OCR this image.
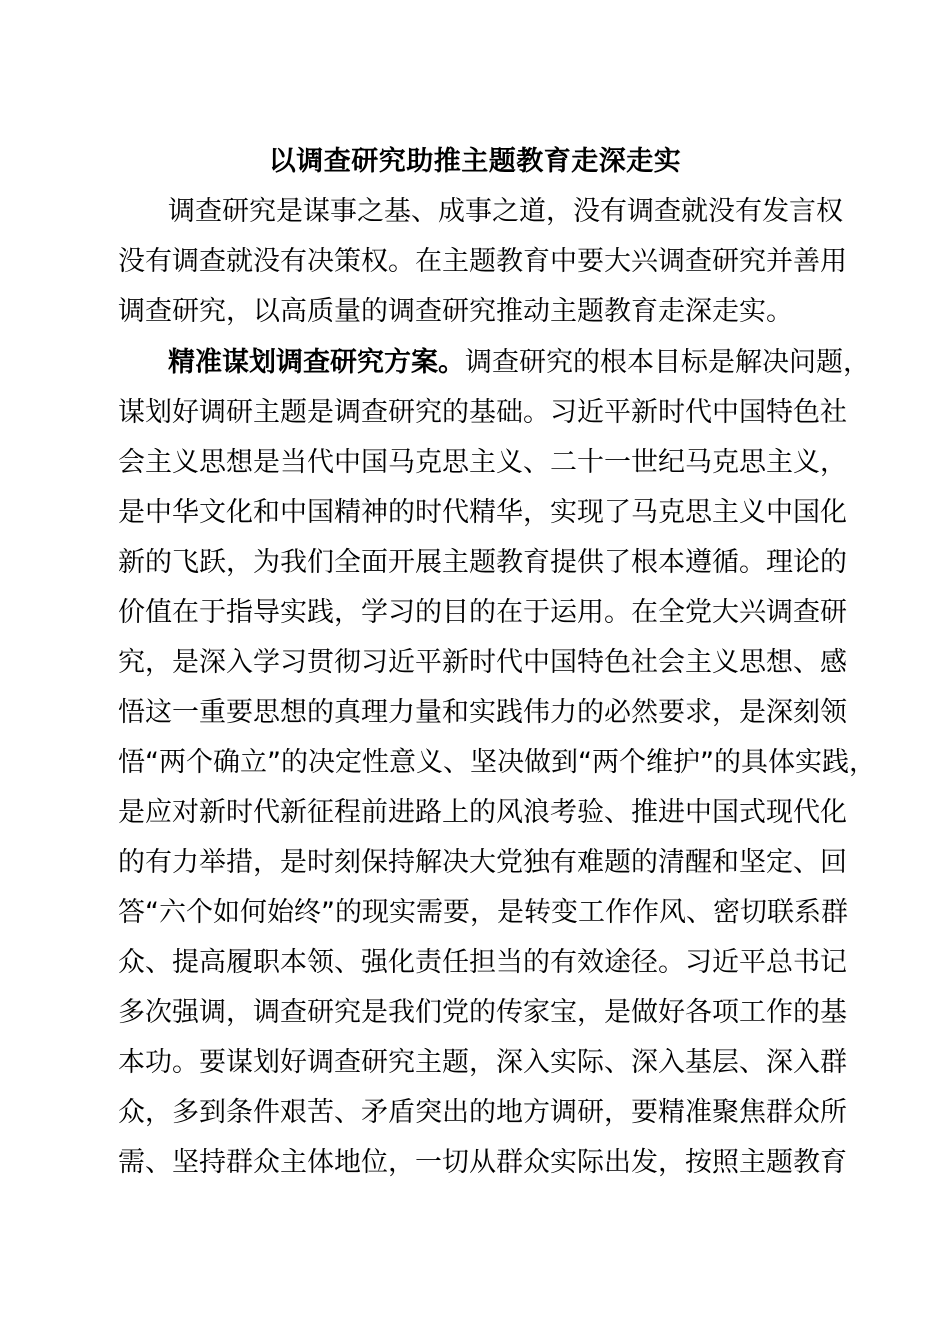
以调查研究助推主题教育走深走实
调查研究是谋事之基、成事之道，没有调查就没有发言权
没有调查就没有决策权。在主题教育中要大兴调查研究并善用
调查研究，以高质量的调查研究推动主题教育走深走实。
精准谋划调查研究方案。调查研究的根本目标是解决问题，
谋划好调研主题是调查研究的基础。习近平新时代中国特色社
会主义思想是当代中国马克思主义、二十一世纪马克思主义，
是中华文化和中国精神的时代精华，实现了马克思主义中国化
新的飞跃，为我们全面开展主题教育提供了根本遵循。理论的
价值在于指导实践，学习的目的在于运用。在全党大兴调查研
究，是深入学习贯彻习近平新时代中国特色社会主义思想、感
悟这一重要思想的真理力量和实践伟力的必然要求，是深刻领
悟“两个确立”的决定性意义、坚决做到“两个维护”的具体实践，
是应对新时代新征程前进路上的风浪考验、推进中国式现代化
的有力举措，是时刻保持解决大党独有难题的清醒和坚定、回
答“六个如何始终”的现实需要，是转变工作作风、密切联系群
众、提高履职本领、强化责任担当的有效途径。习近平总书记
多次强调，调查研究是我们党的传家宝，是做好各项工作的基
本功。要谋划好调查研究主题，深入实际、深入基层、深入群
众，多到条件艰苦、矛盾突出的地方调研，要精准聚焦群众所
需、坚持群众主体地位，一切从群众实际出发，按照主题教育
